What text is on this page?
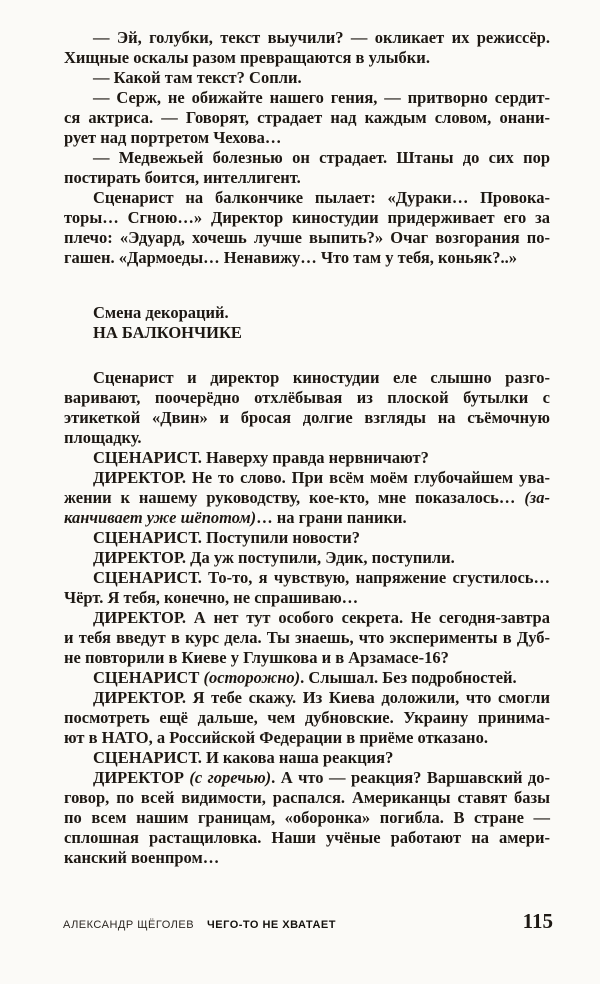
— Эй, голубки, текст выучили? — окликает их режиссёр.
Хищные оскалы разом превращаются в улыбки.
— Какой там текст? Сопли.
— Серж, не обижайте нашего гения, — притворно сердит-
ся актриса. — Говорят, страдает над каждым словом, онани-
рует над портретом Чехова…
— Медвежьей болезнью он страдает. Штаны до сих пор
постирать боится, интеллигент.
Сценарист на балкончике пылает: «Дураки… Провока-
торы… Сгною…» Директор киностудии придерживает его за
плечо: «Эдуард, хочешь лучше выпить?» Очаг возгорания по-
гашен. «Дармоеды… Ненавижу… Что там у тебя, коньяк?..»
Смена декораций.
НА БАЛКОНЧИКЕ
Сценарист и директор киностудии еле слышно разго-
варивают, поочерёдно отхлёбывая из плоской бутылки с
этикеткой «Двин» и бросая долгие взгляды на съёмочную
площадку.
СЦЕНАРИСТ. Наверху правда нервничают?
ДИРЕКТОР. Не то слово. При всём моём глубочайшем ува-
жении к нашему руководству, кое-кто, мне показалось… (за-
канчивает уже шёпотом)… на грани паники.
СЦЕНАРИСТ. Поступили новости?
ДИРЕКТОР. Да уж поступили, Эдик, поступили.
СЦЕНАРИСТ. То-то, я чувствую, напряжение сгустилось…
Чёрт. Я тебя, конечно, не спрашиваю…
ДИРЕКТОР. А нет тут особого секрета. Не сегодня-завтра
и тебя введут в курс дела. Ты знаешь, что эксперименты в Дуб-
не повторили в Киеве у Глушкова и в Арзамасе-16?
СЦЕНАРИСТ (осторожно). Слышал. Без подробностей.
ДИРЕКТОР. Я тебе скажу. Из Киева доложили, что смогли
посмотреть ещё дальше, чем дубновские. Украину принима-
ют в НАТО, а Российской Федерации в приёме отказано.
СЦЕНАРИСТ. И какова наша реакция?
ДИРЕКТОР (с горечью). А что — реакция? Варшавский до-
говор, по всей видимости, распался. Американцы ставят базы
по всем нашим границам, «оборонка» погибла. В стране —
сплошная растащиловка. Наши учёные работают на амери-
канский военпром…
АЛЕКСАНДР ЩЁГОЛЕВ ЧЕГО-ТО НЕ ХВАТАЕТ	115
